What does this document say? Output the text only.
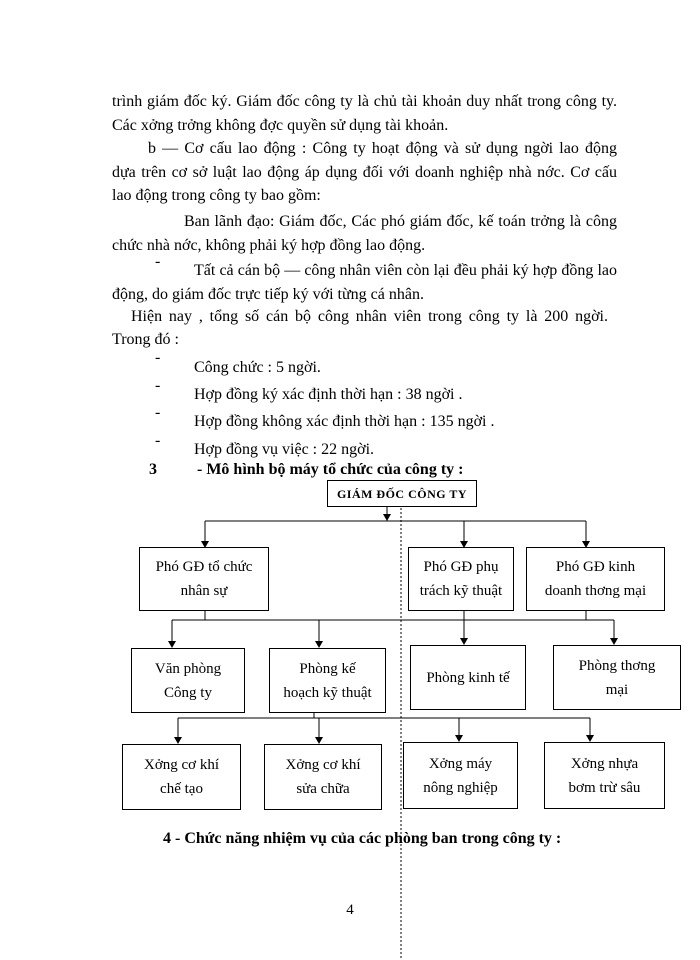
trình giám đốc ký. Giám đốc công ty là chủ tài khoản duy nhất trong công ty.
Các xởng trởng không đợc quyền sử dụng tài khoản.
b — Cơ cấu lao động : Công ty hoạt động và sử dụng ngời lao động
dựa trên cơ sở luật lao động áp dụng đối với doanh nghiệp nhà nớc. Cơ cấu
lao động trong công ty bao gồm:
Ban lãnh đạo: Giám đốc, Các phó giám đốc, kế toán trởng là công
chức nhà nớc, không phải ký hợp đồng lao động.
-
Tất cả cán bộ — công nhân viên còn lại đều phải ký hợp đồng lao
động, do giám đốc trực tiếp ký với từng cá nhân.
Hiện nay , tổng số cán bộ công nhân viên trong công ty là 200 ngời.
Trong đó :
-
Công chức : 5 ngời.
-
Hợp đồng ký xác định thời hạn : 38 ngời .
-
Hợp đồng không xác định thời hạn : 135 ngời .
-
Hợp đồng vụ việc : 22 ngời.
3	- Mô hình bộ máy tổ chức của công ty :
GIÁM ĐỐC CÔNG TY
Phó GĐ tổ chức
nhân sự
Phó GĐ phụ
trách kỹ thuật
Phó GĐ kinh
doanh thơng mại
Văn phòng
Công ty
Phòng kế
hoạch kỹ thuật
Phòng kinh tế
Phòng thơng
mại
Xởng cơ khí
chế tạo
Xởng cơ khí
sửa chữa
Xởng máy
nông nghiệp
Xởng nhựa
bơm trừ sâu
4 - Chức năng nhiệm vụ của các phòng ban trong công ty :
4
